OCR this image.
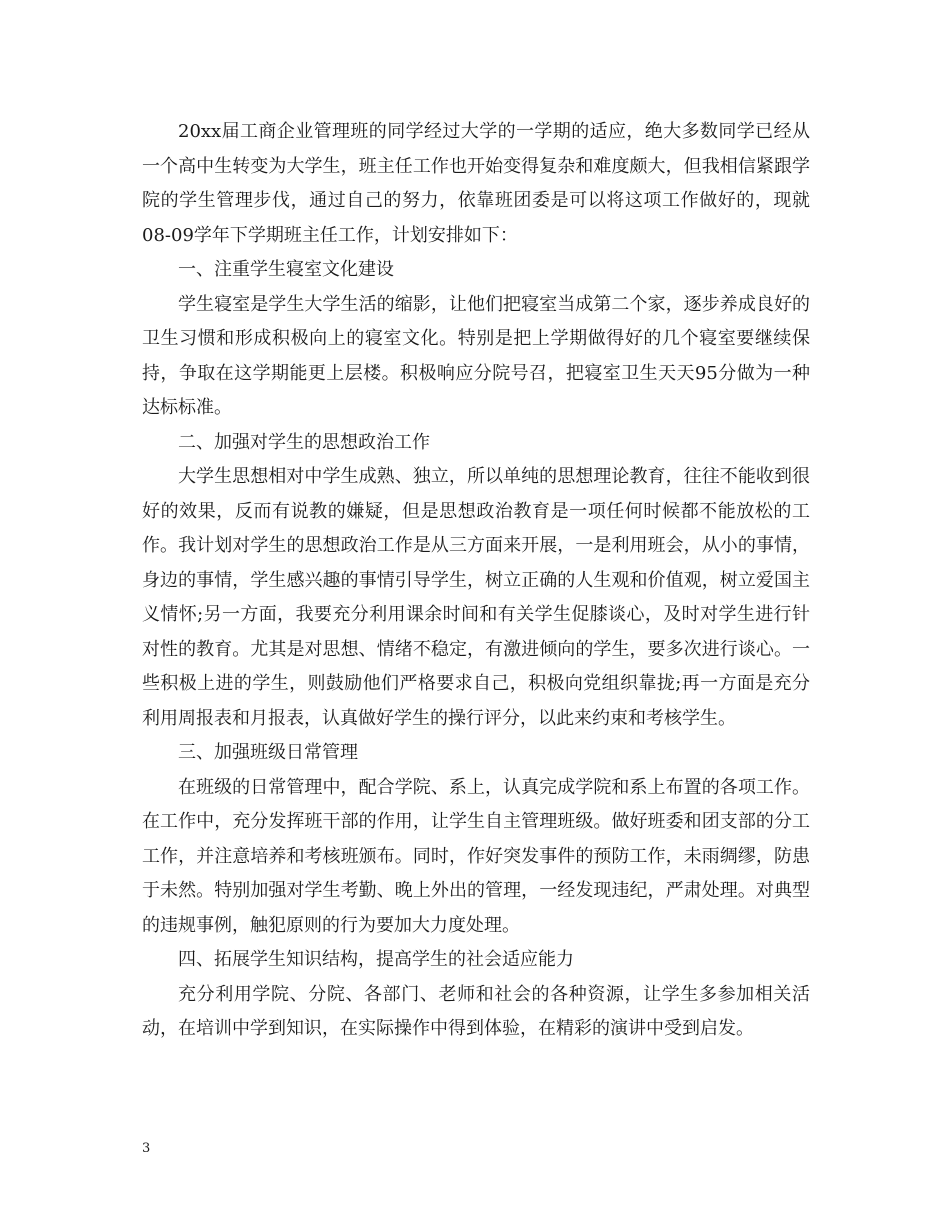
20xx届工商企业管理班的同学经过大学的一学期的适应，绝大多数同学已经从一个高中生转变为大学生，班主任工作也开始变得复杂和难度颇大，但我相信紧跟学院的学生管理步伐，通过自己的努力，依靠班团委是可以将这项工作做好的，现就08-09学年下学期班主任工作，计划安排如下：

一、注重学生寝室文化建设

学生寝室是学生大学生活的缩影，让他们把寝室当成第二个家，逐步养成良好的卫生习惯和形成积极向上的寝室文化。特别是把上学期做得好的几个寝室要继续保持，争取在这学期能更上层楼。积极响应分院号召，把寝室卫生天天95分做为一种达标标准。

二、加强对学生的思想政治工作

大学生思想相对中学生成熟、独立，所以单纯的思想理论教育，往往不能收到很好的效果，反而有说教的嫌疑，但是思想政治教育是一项任何时候都不能放松的工作。我计划对学生的思想政治工作是从三方面来开展，一是利用班会，从小的事情，身边的事情，学生感兴趣的事情引导学生，树立正确的人生观和价值观，树立爱国主义情怀;另一方面，我要充分利用课余时间和有关学生促膝谈心，及时对学生进行针对性的教育。尤其是对思想、情绪不稳定，有激进倾向的学生，要多次进行谈心。一些积极上进的学生，则鼓励他们严格要求自己，积极向党组织靠拢;再一方面是充分利用周报表和月报表，认真做好学生的操行评分，以此来约束和考核学生。

三、加强班级日常管理

在班级的日常管理中，配合学院、系上，认真完成学院和系上布置的各项工作。在工作中，充分发挥班干部的作用，让学生自主管理班级。做好班委和团支部的分工工作，并注意培养和考核班颁布。同时，作好突发事件的预防工作，未雨绸缪，防患于未然。特别加强对学生考勤、晚上外出的管理，一经发现违纪，严肃处理。对典型的违规事例，触犯原则的行为要加大力度处理。

四、拓展学生知识结构，提高学生的社会适应能力

充分利用学院、分院、各部门、老师和社会的各种资源，让学生多参加相关活动，在培训中学到知识，在实际操作中得到体验，在精彩的演讲中受到启发。

3
